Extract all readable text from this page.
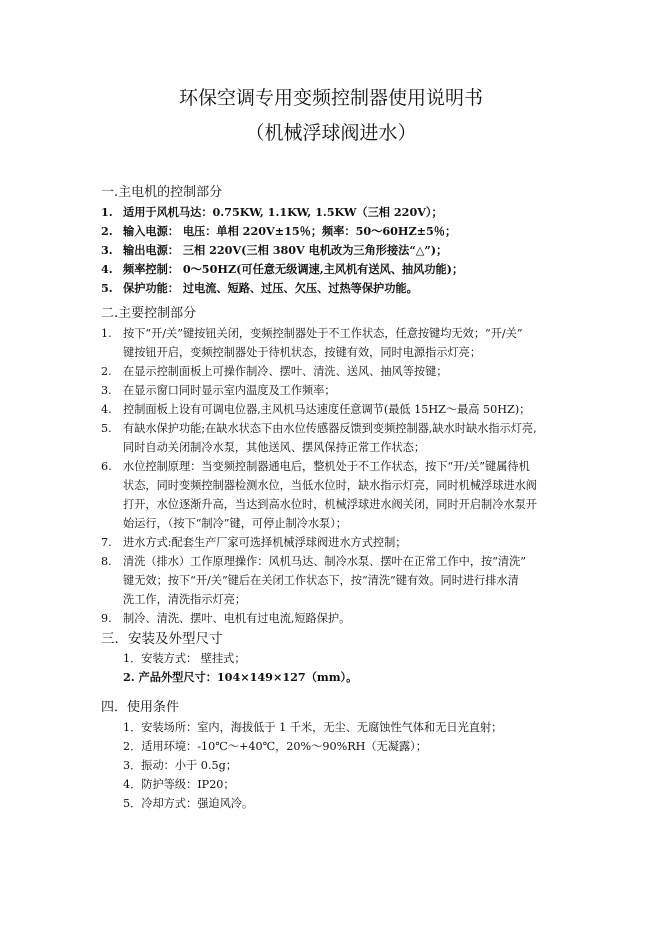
环保空调专用变频控制器使用说明书
（机械浮球阀进水）
一.主电机的控制部分
1. 适用于风机马达：0.75KW, 1.1KW, 1.5KW（三相 220V）；
2. 输入电源： 电压：单相 220V±15％；频率：50～60HZ±5％；
3. 输出电源： 三相 220V(三相 380V 电机改为三角形接法“△”)；
4. 频率控制： 0～50HZ(可任意无级调速,主风机有送风、抽风功能)；
5. 保护功能： 过电流、短路、过压、欠压、过热等保护功能。
二.主要控制部分
1. 按下“开/关”键按钮关闭，变频控制器处于不工作状态，任意按键均无效；“开/关”
键按钮开启，变频控制器处于待机状态，按键有效，同时电源指示灯亮；
2. 在显示控制面板上可操作制冷、摆叶、清洗、送风、抽风等按键；
3. 在显示窗口同时显示室内温度及工作频率；
4. 控制面板上设有可调电位器,主风机马达速度任意调节(最低 15HZ～最高 50HZ)；
5. 有缺水保护功能;在缺水状态下由水位传感器反馈到变频控制器,缺水时缺水指示灯亮,
同时自动关闭制冷水泵，其他送风、摆风保持正常工作状态；
6. 水位控制原理：当变频控制器通电后，整机处于不工作状态，按下“开/关”键属待机
状态，同时变频控制器检测水位，当低水位时，缺水指示灯亮，同时机械浮球进水阀
打开，水位逐渐升高，当达到高水位时，机械浮球进水阀关闭，同时开启制冷水泵开
始运行，（按下“制冷”键，可停止制冷水泵）；
7. 进水方式:配套生产厂家可选择机械浮球阀进水方式控制；
8. 清洗（排水）工作原理操作：风机马达、制冷水泵、摆叶在正常工作中，按“清洗”
键无效；按下“开/关”键后在关闭工作状态下，按“清洗”键有效。同时进行排水清
洗工作，清洗指示灯亮；
9. 制冷、清洗、摆叶、电机有过电流,短路保护。
三．安装及外型尺寸
1．安装方式： 壁挂式；
2. 产品外型尺寸：104×149×127（mm）。
四．使用条件
1．安装场所：室内，海拔低于 1 千米，无尘、无腐蚀性气体和无日光直射；
2．适用环境：-10℃～+40℃，20%～90%RH（无凝露）；
3．振动：小于 0.5g；
4．防护等级：IP20；
5．冷却方式：强迫风冷。
